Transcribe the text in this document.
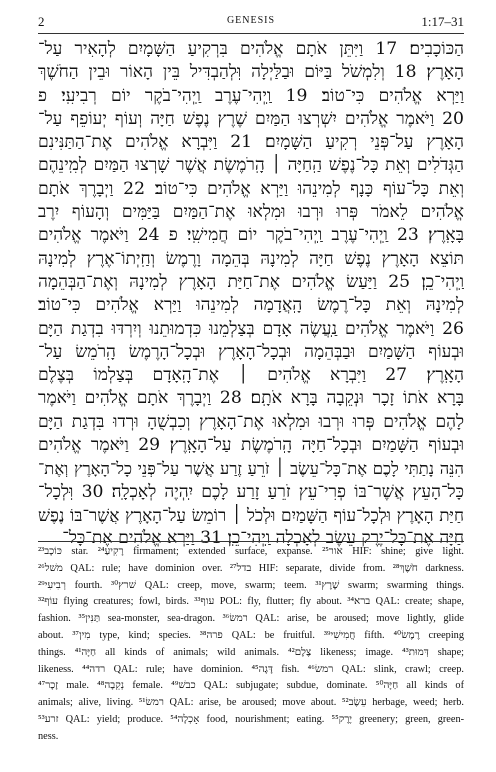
2	GENESIS	1:17–31
הַכּוֹכָבִים׃ 17 וַיִּתֵּן אֹתָם אֱלֹהִים בִּרְקִיעַ הַשָּׁמָיִם לְהָאִיר עַל־
הָאָרֶץ׃ 18 וְלִמְשֹׁל בַּיּוֹם וּבַלַּיְלָה וּֽלְהַבְדִּיל בֵּין הָאוֹר וּבֵין הַחֹשֶׁךְ
וַיַּרְא אֱלֹהִים כִּי־טוֹב׃ 19 וַֽיְהִי־עֶרֶב וַֽיְהִי־בֹקֶר יוֹם רְבִיעִֽי׃ פ
20 וַיֹּאמֶר אֱלֹהִים יִשְׁרְצוּ הַמַּיִם שֶׁרֶץ נֶפֶשׁ חַיָּה וְעוֹף יְעוֹפֵף עַל־
הָאָרֶץ עַל־פְּנֵי רְקִיעַ הַשָּׁמָיִם׃ 21 וַיִּבְרָא אֱלֹהִים אֶת־הַתַּנִּינִם
הַגְּדֹלִים וְאֵת כָּל־נֶפֶשׁ הַֽחַיָּה ׀ הָֽרֹמֶשֶׂת אֲשֶׁר שָׁרְצוּ הַמַּיִם לְמִֽינֵהֶם
וְאֵת כָּל־עוֹף כָּנָף לְמִינֵהוּ וַיַּרְא אֱלֹהִים כִּי־טוֹב׃ 22 וַיְבָרֶךְ אֹתָם
אֱלֹהִים לֵאמֹר פְּרוּ וּרְבוּ וּמִלְאוּ אֶת־הַמַּיִם בַּיַּמִּים וְהָעוֹף יִרֶב
בָּאָֽרֶץ׃ 23 וַֽיְהִי־עֶרֶב וַֽיְהִי־בֹקֶר יוֹם חֲמִישִֽׁי׃ פ 24 וַיֹּאמֶר אֱלֹהִים
תּוֹצֵא הָאָרֶץ נֶפֶשׁ חַיָּה לְמִינָהּ בְּהֵמָה וָרֶמֶשׂ וְחַֽיְתוֹ־אֶרֶץ לְמִינָהּ
וַֽיְהִי־כֵֽן׃ 25 וַיַּעַשׂ אֱלֹהִים אֶת־חַיַּת הָאָרֶץ לְמִינָהּ וְאֶת־הַבְּהֵמָה
לְמִינָהּ וְאֵת כָּל־רֶמֶשׂ הָֽאֲדָמָה לְמִינֵהוּ וַיַּרְא אֱלֹהִים כִּי־טוֹב׃
26 וַיֹּאמֶר אֱלֹהִים נַֽעֲשֶׂה אָדָם בְּצַלְמֵנוּ כִּדְמוּתֵנוּ וְיִרְדּוּ בִדְגַת הַיָּם
וּבְעוֹף הַשָּׁמַיִם וּבַבְּהֵמָה וּבְכָל־הָאָרֶץ וּבְכָל־הָרֶמֶשׂ הָֽרֹמֵשׂ עַל־
הָאָֽרֶץ׃ 27 וַיִּבְרָא אֱלֹהִים ׀ אֶת־הָֽאָדָם בְּצַלְמוֹ בְּצֶלֶם
בָּרָא אֹתוֹ זָכָר וּנְקֵבָה בָּרָא אֹתָֽם׃ 28 וַיְבָרֶךְ אֹתָם אֱלֹהִים וַיֹּאמֶר
לָהֶם אֱלֹהִים פְּרוּ וּרְבוּ וּמִלְאוּ אֶת־הָאָרֶץ וְכִבְשֻׁהָ וּרְדוּ בִּדְגַת הַיָּם
וּבְעוֹף הַשָּׁמַיִם וּבְכָל־חַיָּה הָֽרֹמֶשֶׂת עַל־הָאָֽרֶץ׃ 29 וַיֹּאמֶר אֱלֹהִים
הִנֵּה נָתַתִּי לָכֶם אֶת־כָּל־עֵשֶׂב ׀ זֹרֵעַ זֶרַע אֲשֶׁר עַל־פְּנֵי כָל־הָאָרֶץ וְאֶת־
כָּל־הָעֵץ אֲשֶׁר־בּוֹ פְרִי־עֵץ זֹרֵעַ זָרַע לָכֶם יִֽהְיֶה לְאָכְלָֽה׃ 30 וּֽלְכָל־
חַיַּת הָאָרֶץ וּלְכָל־עוֹף הַשָּׁמַיִם וּלְכֹל ׀ רוֹמֵשׂ עַל־הָאָרֶץ אֲשֶׁר־בּוֹ נֶפֶשׁ
חַיָּה אֶת־כָּל־יֶרֶק עֵשֶׂב לְאָכְלָה וַֽיְהִי־כֵֽן׃ 31 וַיַּרְא אֱלֹהִים אֶת־כָּל־
²³כּוֹכָב star. ²⁴רָקִיעַ firmament; extended surface, expanse. ²⁵אור HIF: shine; give light.
²⁶משׁל QAL: rule; have dominion over. ²⁷בדל HIF: separate, divide from. ²⁸חֹשֶׁךְ darkness.
²⁹רְבִיעִי fourth. ³⁰שׁרץ QAL: creep, move, swarm; teem. ³¹שֶׁרֶץ swarm; swarming things.
³²עוֹף flying creatures; fowl, birds. ³³עוף POL: fly, flutter; fly about. ³⁴ברא QAL: create; shape,
fashion. ³⁵תַּנִּין sea-monster, sea-dragon. ³⁶רמשׂ QAL: arise, be aroused; move lightly, glide
about. ³⁷מִין type, kind; species. ³⁸פרה QAL: be fruitful. ³⁹חֲמִישִׁי fifth. ⁴⁰רֶמֶשׂ creeping
things. ⁴¹חַיָּה all kinds of animals; wild animals. ⁴²צֶלֶם likeness; image. ⁴³דְּמוּת shape;
likeness. ⁴⁴רדה QAL: rule; have dominion. ⁴⁵דָּגָה fish. ⁴⁶רמשׂ QAL: slink, crawl; creep.
⁴⁷זָכָר male. ⁴⁸נְקֵבָה female. ⁴⁹כבשׁ QAL: subjugate; subdue, dominate. ⁵⁰חַיָּה all kinds of
animals; alive, living. ⁵¹רמשׂ QAL: arise, be aroused; move about. ⁵²עֵשֶׂב herbage, weed; herb.
⁵³זרע QAL: yield; produce. ⁵⁴אָכְלָה food, nourishment; eating. ⁵⁵יֶרֶק greenery; green, green-
ness.
